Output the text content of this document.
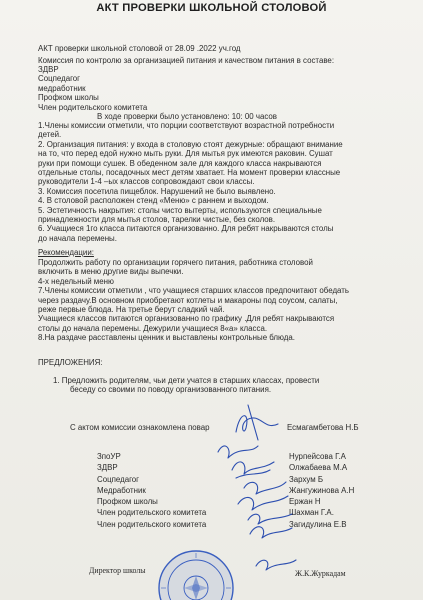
АКТ ПРОВЕРКИ ШКОЛЬНОЙ СТОЛОВОЙ
АКТ проверки школьной столовой от 28.09 .2022 уч.год
Комиссия по контролю за организацией питания и качеством питания в составе:
ЗДВР
Соцпедагог
медработник
Профком школы
Член родительского комитета
В ходе проверки было установлено: 10: 00 часов
1.Члены комиссии отметили, что порции соответствуют возрастной потребности
детей.
2. Организация питания: у входа в столовую стоят дежурные: обращают внимание
на то, что перед едой нужно мыть руки. Для мытья рук имеются раковин. Сушат
руки при помощи сушек. В обеденном зале для каждого класса накрываются
отдельные столы, посадочных мест детям хватает. На момент проверки классные
руководители 1-4 –ых классов сопровождают свои классы.
3. Комиссия посетила пищеблок. Нарушений не было выявлено.
4. В столовой расположен стенд «Меню» с раннем и выходом.
5. Эстетичность накрытия: столы чисто вытерты, используются специальные
принадлежности для мытья столов, тарелки чистые, без сколов.
6. Учащиеся 1го класса питаются организованно. Для ребят накрываются столы
до начала перемены.
Рекомендации:
Продолжить работу по организации горячего питания, работника столовой
включить в меню другие виды выпечки.
4-х недельный меню
7.Члены комиссии отметили , что учащиеся старших классов предпочитают обедать
через раздачу.В основном приобретают котлеты и макароны под соусом, салаты,
реже первые блюда. На третье берут сладкий чай.
Учащиеся классов питаются организованно по графику .Для ребят накрываются
столы до начала перемены. Дежурили учащиеся 8«а» класса.
8.На раздаче расставлены ценник и выставлены контрольные блюда.
ПРЕДЛОЖЕНИЯ:
1. Предложить родителям, чьи дети учатся в старших классах, провести
беседу со своими по поводу организованного питания.
С актом комиссии ознакомлена повар	Есмагамбетова Н.Б
ЗпоУР
ЗДВР
Соцпедагог
Медработник
Профком школы
Член родительского комитета
Член родительского комитета
Нурпейсова Г.А
Олжабаева М.А
Зархум Б
Жангужинова А.Н
Ержан Н
Шахман Г.А.
Загидулина Е.В
Директор школы	Ж.К.Журкадам
